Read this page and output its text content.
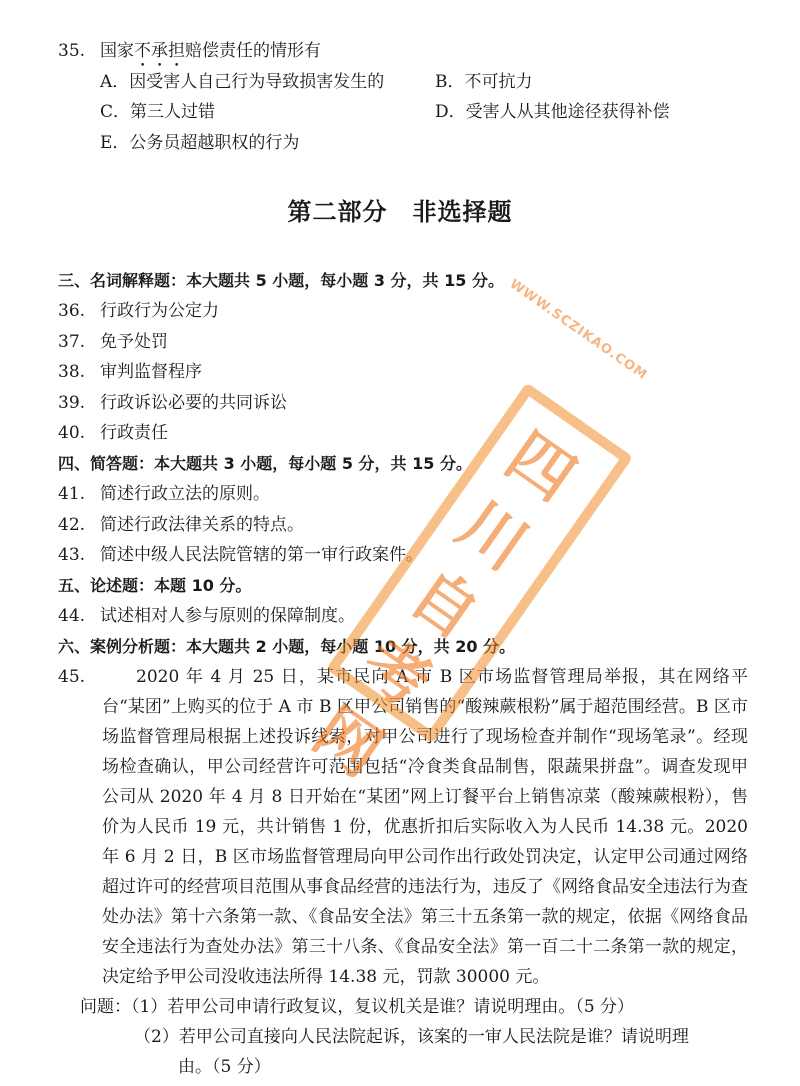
35. 国家不承担赔偿责任的情形有
A．因受害人自己行为导致损害发生的	B．不可抗力
C．第三人过错	D．受害人从其他途径获得补偿
E．公务员超越职权的行为
第二部分　非选择题
三、名词解释题：本大题共 5 小题，每小题 3 分，共 15 分。
36. 行政行为公定力
37. 免予处罚
38. 审判监督程序
39. 行政诉讼必要的共同诉讼
40. 行政责任
四、简答题：本大题共 3 小题，每小题 5 分，共 15 分。
41. 简述行政立法的原则。
42. 简述行政法律关系的特点。
43. 简述中级人民法院管辖的第一审行政案件。
五、论述题：本题 10 分。
44. 试述相对人参与原则的保障制度。
六、案例分析题：本大题共 2 小题，每小题 10 分，共 20 分。
45.	2020 年 4 月 25 日，某市民向 A 市 B 区市场监督管理局举报，其在网络平台“某团”上购买的位于 A 市 B 区甲公司销售的“酸辣蕨根粉”属于超范围经营。B 区市场监督管理局根据上述投诉线索，对甲公司进行了现场检查并制作“现场笔录”。经现场检查确认，甲公司经营许可范围包括“冷食类食品制售，限蔬果拼盘”。调查发现甲公司从 2020 年 4 月 8 日开始在“某团”网上订餐平台上销售凉菜（酸辣蕨根粉），售价为人民币 19 元，共计销售 1 份，优惠折扣后实际收入为人民币 14.38 元。2020 年 6 月 2 日，B 区市场监督管理局向甲公司作出行政处罚决定，认定甲公司通过网络超过许可的经营项目范围从事食品经营的违法行为，违反了《网络食品安全违法行为查处办法》第十六条第一款、《食品安全法》第三十五条第一款的规定，依据《网络食品安全违法行为查处办法》第三十八条、《食品安全法》第一百二十二条第一款的规定，决定给予甲公司没收违法所得 14.38 元，罚款 30000 元。
问题：（1）若甲公司申请行政复议，复议机关是谁？请说明理由。（5 分）
（2）若甲公司直接向人民法院起诉，该案的一审人民法院是谁？请说明理
由。（5 分）
WWW.SCZIKAO.COM
四川自考网
